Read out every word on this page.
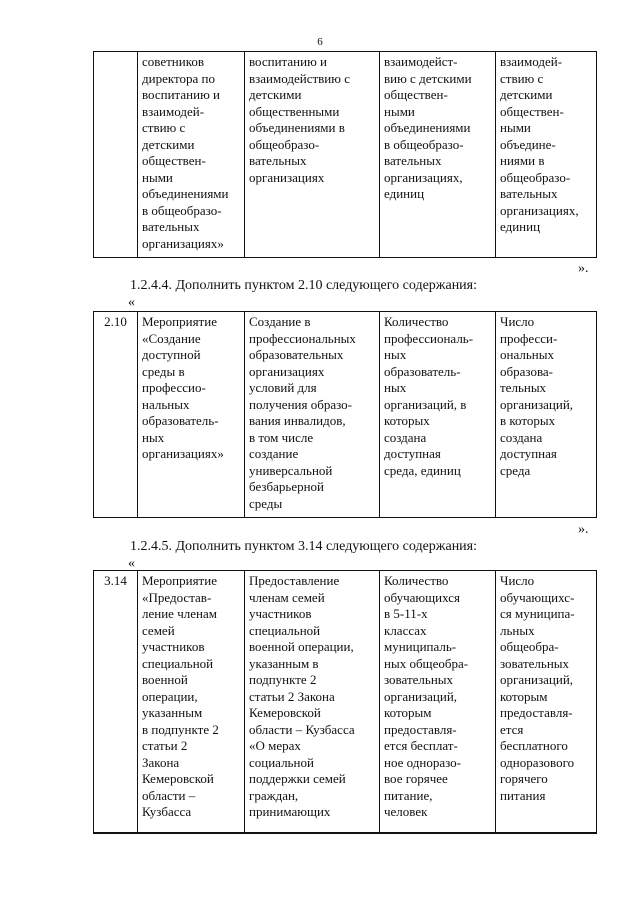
6
	советников
директора по
воспитанию и
взаимодей-
ствию с
детскими
обществен-
ными
объединениями
в общеобразо-
вательных
организациях»	воспитанию и
взаимодействию с
детскими
общественными
объединениями в
общеобразо-
вательных
организациях	взаимодейст-
вию с детскими
обществен-
ными
объединениями
в общеобразо-
вательных
организациях,
единиц	взаимодей-
ствию с
детскими
обществен-
ными
объедине-
ниями в
общеобразо-
вательных
организациях,
единиц
».
1.2.4.4. Дополнить пунктом 2.10 следующего содержания:
«
2.10	Мероприятие
«Создание
доступной
среды в
профессио-
нальных
образователь-
ных
организациях»	Создание в
профессиональных
образовательных
организациях
условий для
получения образо-
вания инвалидов,
в том числе
создание
универсальной
безбарьерной
среды	Количество
профессиональ-
ных
образователь-
ных
организаций, в
которых
создана
доступная
среда, единиц	Число
професси-
ональных
образова-
тельных
организаций,
в которых
создана
доступная
среда
».
1.2.4.5. Дополнить пунктом 3.14 следующего содержания:
«
3.14	Мероприятие
«Предостав-
ление членам
семей
участников
специальной
военной
операции,
указанным
в подпункте 2
статьи 2
Закона
Кемеровской
области –
Кузбасса	Предоставление
членам семей
участников
специальной
военной операции,
указанным в
подпункте 2
статьи 2 Закона
Кемеровской
области – Кузбасса
«О мерах
социальной
поддержки семей
граждан,
принимающих	Количество
обучающихся
в 5-11-х
классах
муниципаль-
ных общеобра-
зовательных
организаций,
которым
предоставля-
ется бесплат-
ное одноразо-
вое горячее
питание,
человек	Число
обучающихс-
ся муниципа-
льных
общеобра-
зовательных
организаций,
которым
предоставля-
ется
бесплатного
одноразового
горячего
питания
